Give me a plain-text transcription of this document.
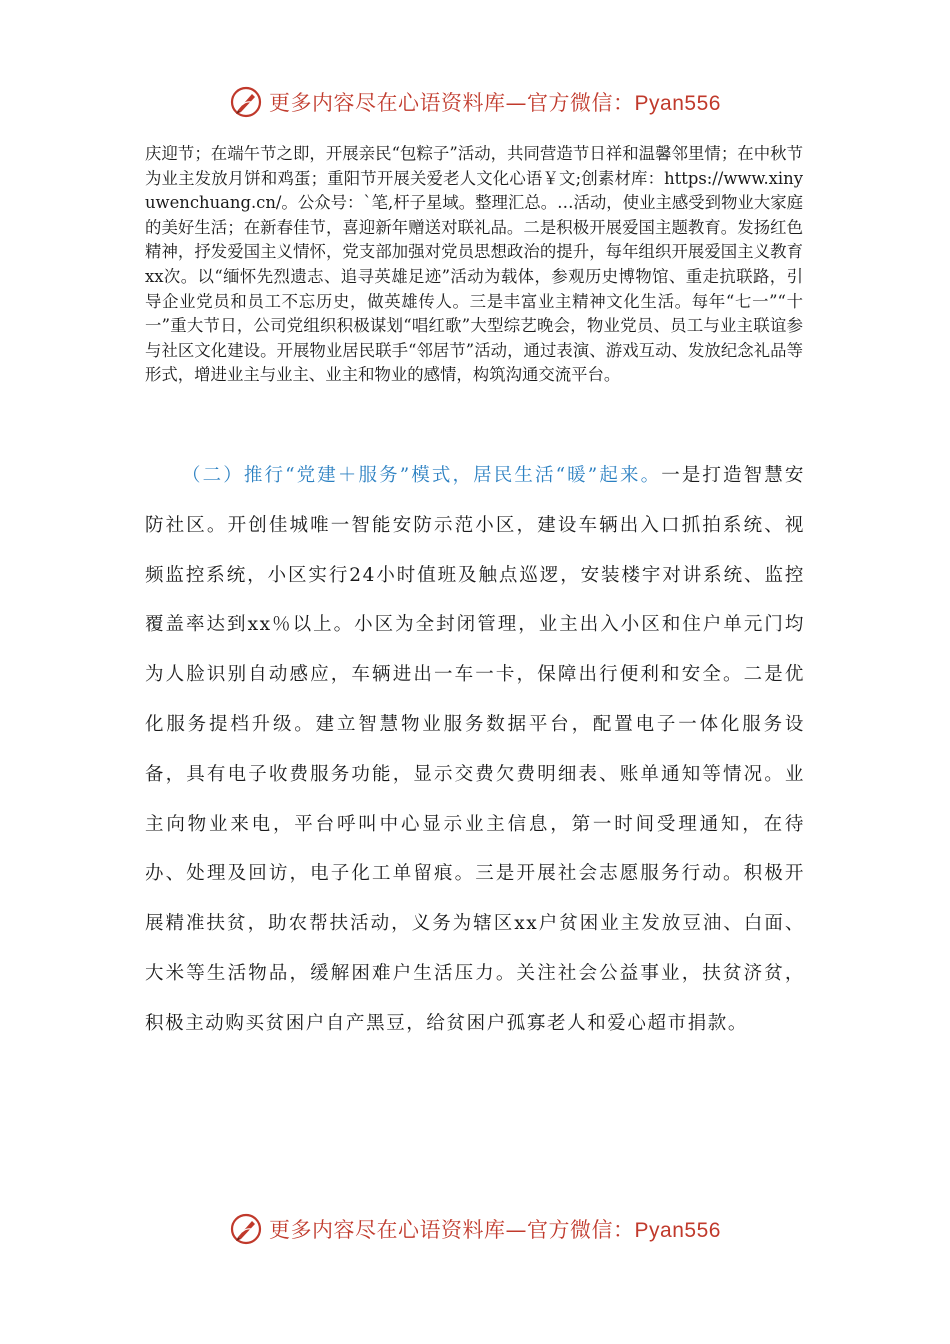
更多内容尽在心语资料库—官方微信：Pyan556

庆迎节；在端午节之即，开展亲民“包粽子”活动，共同营造节日祥和温馨邻里情；在中秋节为业主发放月饼和鸡蛋；重阳节开展关爱老人文化心语￥文;创素材库：https://www.xinyuwenchuang.cn/。公众号：`笔,杆子星域。整理汇总。…活动，使业主感受到物业大家庭的美好生活；在新春佳节，喜迎新年赠送对联礼品。二是积极开展爱国主题教育。发扬红色精神，抒发爱国主义情怀，党支部加强对党员思想政治的提升，每年组织开展爱国主义教育xx次。以“缅怀先烈遗志、追寻英雄足迹”活动为载体，参观历史博物馆、重走抗联路，引导企业党员和员工不忘历史，做英雄传人。三是丰富业主精神文化生活。每年“七一”“十一”重大节日，公司党组织积极谋划“唱红歌”大型综艺晚会，物业党员、员工与业主联谊参与社区文化建设。开展物业居民联手“邻居节”活动，通过表演、游戏互动、发放纪念礼品等形式，增进业主与业主、业主和物业的感情，构筑沟通交流平台。

（二）推行“党建＋服务”模式，居民生活“暖”起来。一是打造智慧安防社区。开创佳城唯一智能安防示范小区，建设车辆出入口抓拍系统、视频监控系统，小区实行24小时值班及触点巡逻，安装楼宇对讲系统、监控覆盖率达到xx％以上。小区为全封闭管理，业主出入小区和住户单元门均为人脸识别自动感应，车辆进出一车一卡，保障出行便利和安全。二是优化服务提档升级。建立智慧物业服务数据平台，配置电子一体化服务设备，具有电子收费服务功能，显示交费欠费明细表、账单通知等情况。业主向物业来电，平台呼叫中心显示业主信息，第一时间受理通知，在待办、处理及回访，电子化工单留痕。三是开展社会志愿服务行动。积极开展精准扶贫，助农帮扶活动，义务为辖区xx户贫困业主发放豆油、白面、大米等生活物品，缓解困难户生活压力。关注社会公益事业，扶贫济贫，积极主动购买贫困户自产黑豆，给贫困户孤寡老人和爱心超市捐款。

更多内容尽在心语资料库—官方微信：Pyan556
